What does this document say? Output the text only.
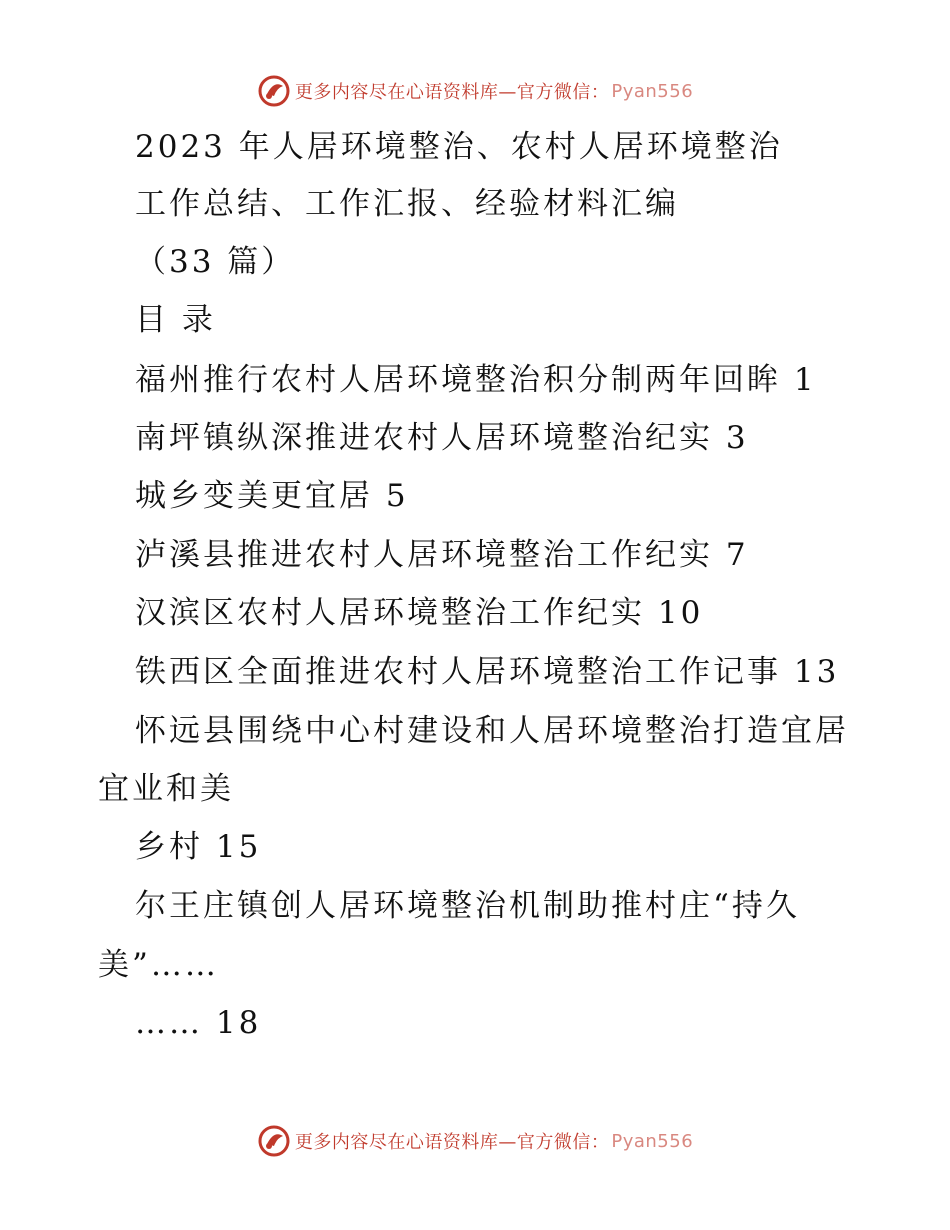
更多内容尽在心语资料库—官方微信： Pyan556
2023 年人居环境整治、农村人居环境整治
工作总结、工作汇报、经验材料汇编
（33 篇）
目 录
福州推行农村人居环境整治积分制两年回眸 1
南坪镇纵深推进农村人居环境整治纪实 3
城乡变美更宜居 5
泸溪县推进农村人居环境整治工作纪实 7
汉滨区农村人居环境整治工作纪实 10
铁西区全面推进农村人居环境整治工作记事 13
怀远县围绕中心村建设和人居环境整治打造宜居
宜业和美
乡村 15
尔王庄镇创人居环境整治机制助推村庄“持久
美”……
…… 18
更多内容尽在心语资料库—官方微信： Pyan556
